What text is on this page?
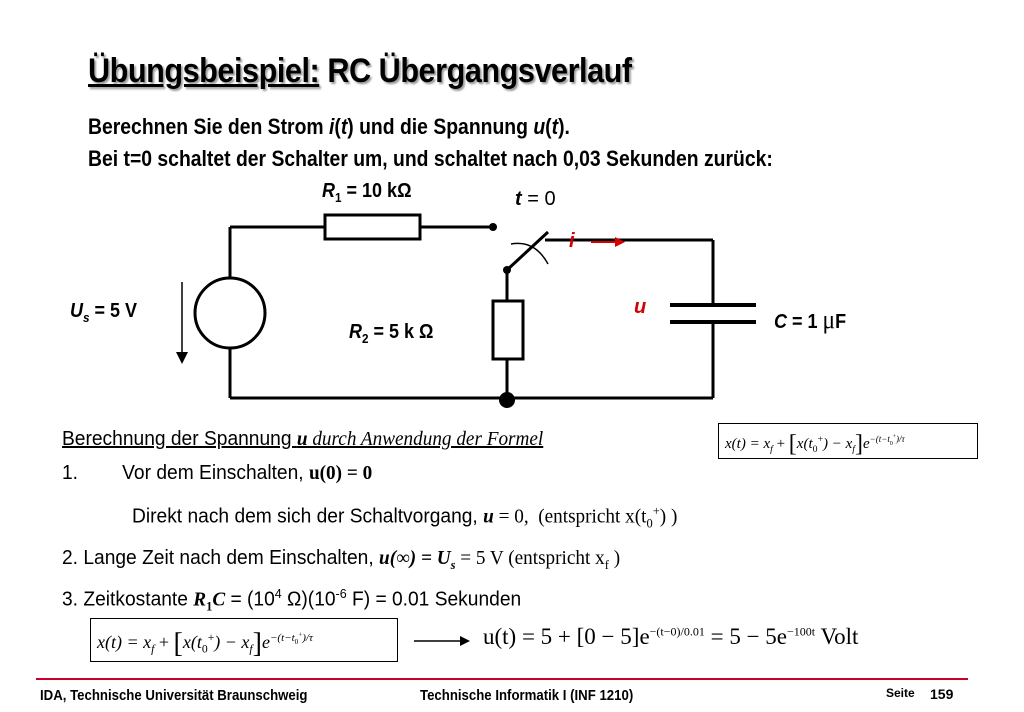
Übungsbeispiel: RC Übergangsverlauf
Berechnen Sie den Strom i(t) und die Spannung u(t).
Bei t=0 schaltet der Schalter um, und schaltet nach 0,03 Sekunden zurück:
$R_1 = 10$ kΩ	t = 0
i
u
$U_s = 5$ V
$R_2 = 5$ k Ω	C = 1 μF
Berechnung der Spannung u durch Anwendung der Formel	$x(t) = x_f + [x(t_0^+) - x_f]e^{-(t-t_0^+)/\tau}$
1. Vor dem Einschalten, u(0) = 0
Direkt nach dem sich der Schaltvorgang, u = 0, (entspricht $x(t_0^+)$ )
2. Lange Zeit nach dem Einschalten, $u(\infty) = U_s = 5$ V (entspricht $x_f$ )
3. Zeitkostante $R_1C = (10^4$ $\Omega)(10^{-6}$ F) = 0.01 Sekunden
$x(t) = x_f + [x(t_0^+) - x_f]e^{-(t-t_0^+)/\tau}$	$u(t) = 5 + [0 - 5]e^{-(t-0)/0.01} = 5 - 5e^{-100t}$ Volt
IDA, Technische Universität Braunschweig	Technische Informatik I (INF 1210)	Seite 159
